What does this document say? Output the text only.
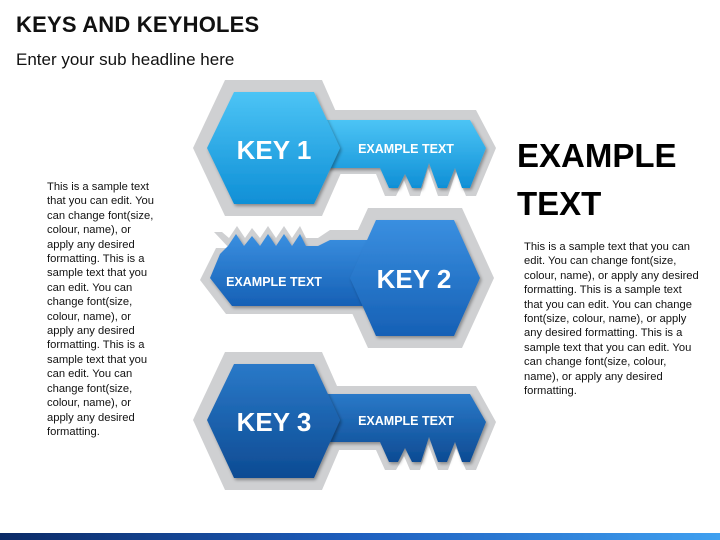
KEYS AND KEYHOLES
Enter your sub headline here
This is a sample text that you can edit. You can change font(size, colour, name), or apply any desired formatting. This is a sample text that you can edit. You can change font(size, colour, name), or apply any desired formatting. This is a sample text that you can edit. You can change font(size, colour, name), or apply any desired formatting.
KEY 1	EXAMPLE TEXT
KEY 2
EXAMPLE TEXT
KEY 3	EXAMPLE TEXT
EXAMPLE TEXT
This is a sample text that you can edit. You can change font(size, colour, name), or apply any desired formatting. This is a sample text that you can edit. You can change font(size, colour, name), or apply any desired formatting. This is a sample text that you can edit. You can change font(size, colour, name), or apply any desired formatting.
